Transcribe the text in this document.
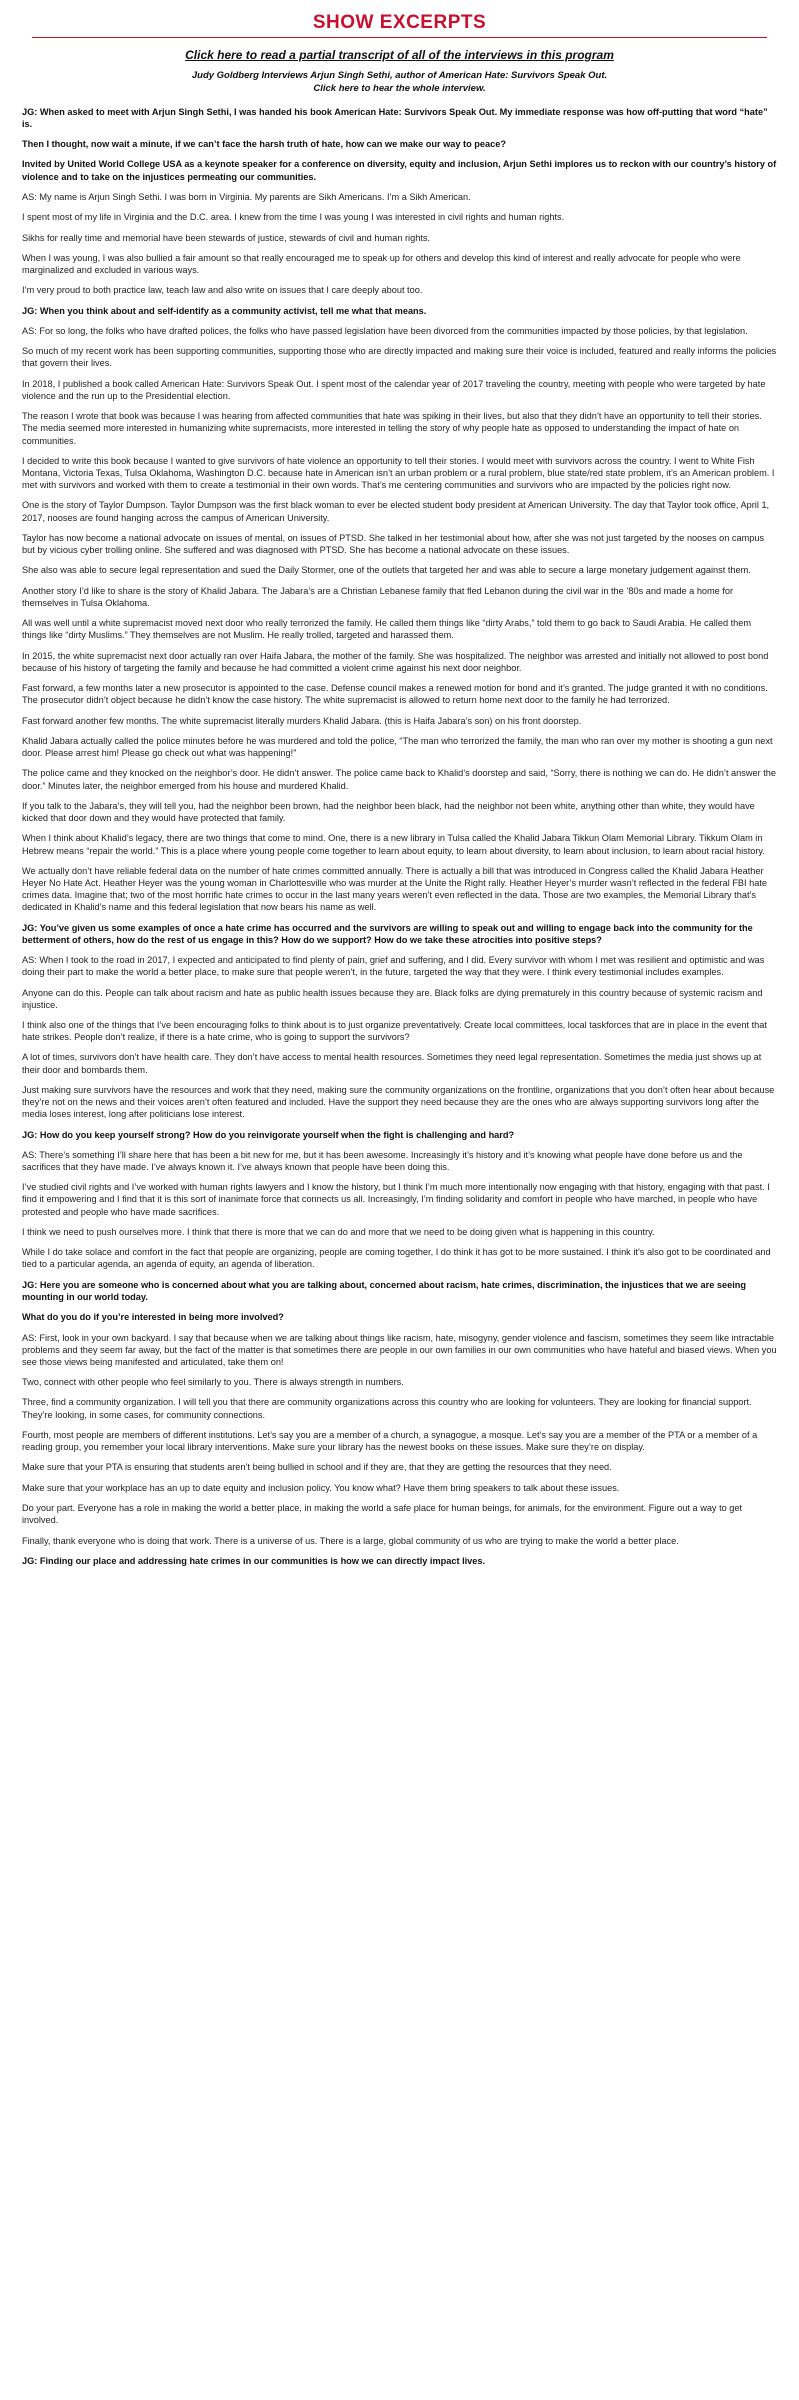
SHOW EXCERPTS
Click here to read a partial transcript of all of the interviews in this program
Judy Goldberg Interviews Arjun Singh Sethi, author of American Hate: Survivors Speak Out.
Click here to hear the whole interview.

JG: When asked to meet with Arjun Singh Sethi, I was handed his book American Hate: Survivors Speak Out. My immediate response was how off-putting that word “hate” is.

Then I thought, now wait a minute, if we can’t face the harsh truth of hate, how can we make our way to peace?

Invited by United World College USA as a keynote speaker for a conference on diversity, equity and inclusion, Arjun Sethi implores us to reckon with our country’s history of violence and to take on the injustices permeating our communities.

AS: My name is Arjun Singh Sethi. I was born in Virginia. My parents are Sikh Americans. I’m a Sikh American.

I spent most of my life in Virginia and the D.C. area. I knew from the time I was young I was interested in civil rights and human rights.

Sikhs for really time and memorial have been stewards of justice, stewards of civil and human rights.

When I was young, I was also bullied a fair amount so that really encouraged me to speak up for others and develop this kind of interest and really advocate for people who were marginalized and excluded in various ways.

I’m very proud to both practice law, teach law and also write on issues that I care deeply about too.

JG: When you think about and self-identify as a community activist, tell me what that means.

AS: For so long, the folks who have drafted polices, the folks who have passed legislation have been divorced from the communities impacted by those policies, by that legislation.

So much of my recent work has been supporting communities, supporting those who are directly impacted and making sure their voice is included, featured and really informs the policies that govern their lives.

In 2018, I published a book called American Hate: Survivors Speak Out. I spent most of the calendar year of 2017 traveling the country, meeting with people who were targeted by hate violence and the run up to the Presidential election.

The reason I wrote that book was because I was hearing from affected communities that hate was spiking in their lives, but also that they didn’t have an opportunity to tell their stories. The media seemed more interested in humanizing white supremacists, more interested in telling the story of why people hate as opposed to understanding the impact of hate on communities.

I decided to write this book because I wanted to give survivors of hate violence an opportunity to tell their stories. I would meet with survivors across the country. I went to White Fish Montana, Victoria Texas, Tulsa Oklahoma, Washington D.C. because hate in American isn’t an urban problem or a rural problem, blue state/red state problem, it’s an American problem. I met with survivors and worked with them to create a testimonial in their own words. That’s me centering communities and survivors who are impacted by the policies right now.

One is the story of Taylor Dumpson. Taylor Dumpson was the first black woman to ever be elected student body president at American University. The day that Taylor took office, April 1, 2017, nooses are found hanging across the campus of American University.

Taylor has now become a national advocate on issues of mental, on issues of PTSD. She talked in her testimonial about how, after she was not just targeted by the nooses on campus but by vicious cyber trolling online. She suffered and was diagnosed with PTSD. She has become a national advocate on these issues.

She also was able to secure legal representation and sued the Daily Stormer, one of the outlets that targeted her and was able to secure a large monetary judgement against them.

Another story I’d like to share is the story of Khalid Jabara. The Jabara’s are a Christian Lebanese family that fled Lebanon during the civil war in the ’80s and made a home for themselves in Tulsa Oklahoma.

All was well until a white supremacist moved next door who really terrorized the family. He called them things like “dirty Arabs,” told them to go back to Saudi Arabia. He called them things like “dirty Muslims.” They themselves are not Muslim. He really trolled, targeted and harassed them.

In 2015, the white supremacist next door actually ran over Haifa Jabara, the mother of the family. She was hospitalized. The neighbor was arrested and initially not allowed to post bond because of his history of targeting the family and because he had committed a violent crime against his next door neighbor.

Fast forward, a few months later a new prosecutor is appointed to the case. Defense council makes a renewed motion for bond and it’s granted. The judge granted it with no conditions. The prosecutor didn’t object because he didn’t know the case history. The white supremacist is allowed to return home next door to the family he had terrorized.

Fast forward another few months. The white supremacist literally murders Khalid Jabara. (this is Haifa Jabara’s son) on his front doorstep.

Khalid Jabara actually called the police minutes before he was murdered and told the police, “The man who terrorized the family, the man who ran over my mother is shooting a gun next door. Please arrest him! Please go check out what was happening!”

The police came and they knocked on the neighbor’s door. He didn’t answer. The police came back to Khalid’s doorstep and said, “Sorry, there is nothing we can do. He didn’t answer the door.” Minutes later, the neighbor emerged from his house and murdered Khalid.

If you talk to the Jabara’s, they will tell you, had the neighbor been brown, had the neighbor been black, had the neighbor not been white, anything other than white, they would have kicked that door down and they would have protected that family.

When I think about Khalid’s legacy, there are two things that come to mind. One, there is a new library in Tulsa called the Khalid Jabara Tikkun Olam Memorial Library. Tikkum Olam in Hebrew means “repair the world.” This is a place where young people come together to learn about equity, to learn about diversity, to learn about inclusion, to learn about racial history.

We actually don’t have reliable federal data on the number of hate crimes committed annually. There is actually a bill that was introduced in Congress called the Khalid Jabara Heather Heyer No Hate Act. Heather Heyer was the young woman in Charlottesville who was murder at the Unite the Right rally. Heather Heyer’s murder wasn’t reflected in the federal FBI hate crimes data. Imagine that; two of the most horrific hate crimes to occur in the last many years weren’t even reflected in the data. Those are two examples, the Memorial Library that’s dedicated in Khalid’s name and this federal legislation that now bears his name as well.

JG: You’ve given us some examples of once a hate crime has occurred and the survivors are willing to speak out and willing to engage back into the community for the betterment of others, how do the rest of us engage in this? How do we support? How do we take these atrocities into positive steps?

AS: When I took to the road in 2017, I expected and anticipated to find plenty of pain, grief and suffering, and I did. Every survivor with whom I met was resilient and optimistic and was doing their part to make the world a better place, to make sure that people weren’t, in the future, targeted the way that they were. I think every testimonial includes examples.

Anyone can do this. People can talk about racism and hate as public health issues because they are. Black folks are dying prematurely in this country because of systemic racism and injustice.

I think also one of the things that I’ve been encouraging folks to think about is to just organize preventatively. Create local committees, local taskforces that are in place in the event that hate strikes. People don’t realize, if there is a hate crime, who is going to support the survivors?

A lot of times, survivors don’t have health care. They don’t have access to mental health resources. Sometimes they need legal representation. Sometimes the media just shows up at their door and bombards them.

Just making sure survivors have the resources and work that they need, making sure the community organizations on the frontline, organizations that you don’t often hear about because they’re not on the news and their voices aren’t often featured and included. Have the support they need because they are the ones who are always supporting survivors long after the media loses interest, long after politicians lose interest.

JG: How do you keep yourself strong? How do you reinvigorate yourself when the fight is challenging and hard?

AS: There’s something I’ll share here that has been a bit new for me, but it has been awesome. Increasingly it’s history and it’s knowing what people have done before us and the sacrifices that they have made. I’ve always known it. I’ve always known that people have been doing this.

I’ve studied civil rights and I’ve worked with human rights lawyers and I know the history, but I think I’m much more intentionally now engaging with that history, engaging with that past. I find it empowering and I find that it is this sort of inanimate force that connects us all. Increasingly, I’m finding solidarity and comfort in people who have marched, in people who have protested and people who have made sacrifices.

I think we need to push ourselves more. I think that there is more that we can do and more that we need to be doing given what is happening in this country.

While I do take solace and comfort in the fact that people are organizing, people are coming together, I do think it has got to be more sustained. I think it’s also got to be coordinated and tied to a particular agenda, an agenda of equity, an agenda of liberation.

JG: Here you are someone who is concerned about what you are talking about, concerned about racism, hate crimes, discrimination, the injustices that we are seeing mounting in our world today.

What do you do if you’re interested in being more involved?

AS: First, look in your own backyard. I say that because when we are talking about things like racism, hate, misogyny, gender violence and fascism, sometimes they seem like intractable problems and they seem far away, but the fact of the matter is that sometimes there are people in our own families in our own communities who have hateful and biased views. When you see those views being manifested and articulated, take them on!

Two, connect with other people who feel similarly to you. There is always strength in numbers.

Three, find a community organization. I will tell you that there are community organizations across this country who are looking for volunteers. They are looking for financial support. They’re looking, in some cases, for community connections.

Fourth, most people are members of different institutions. Let’s say you are a member of a church, a synagogue, a mosque. Let’s say you are a member of the PTA or a member of a reading group, you remember your local library interventions. Make sure your library has the newest books on these issues. Make sure they’re on display.

Make sure that your PTA is ensuring that students aren’t being bullied in school and if they are, that they are getting the resources that they need.

Make sure that your workplace has an up to date equity and inclusion policy. You know what? Have them bring speakers to talk about these issues.

Do your part. Everyone has a role in making the world a better place, in making the world a safe place for human beings, for animals, for the environment. Figure out a way to get involved.

Finally, thank everyone who is doing that work. There is a universe of us. There is a large, global community of us who are trying to make the world a better place.

JG: Finding our place and addressing hate crimes in our communities is how we can directly impact lives.
